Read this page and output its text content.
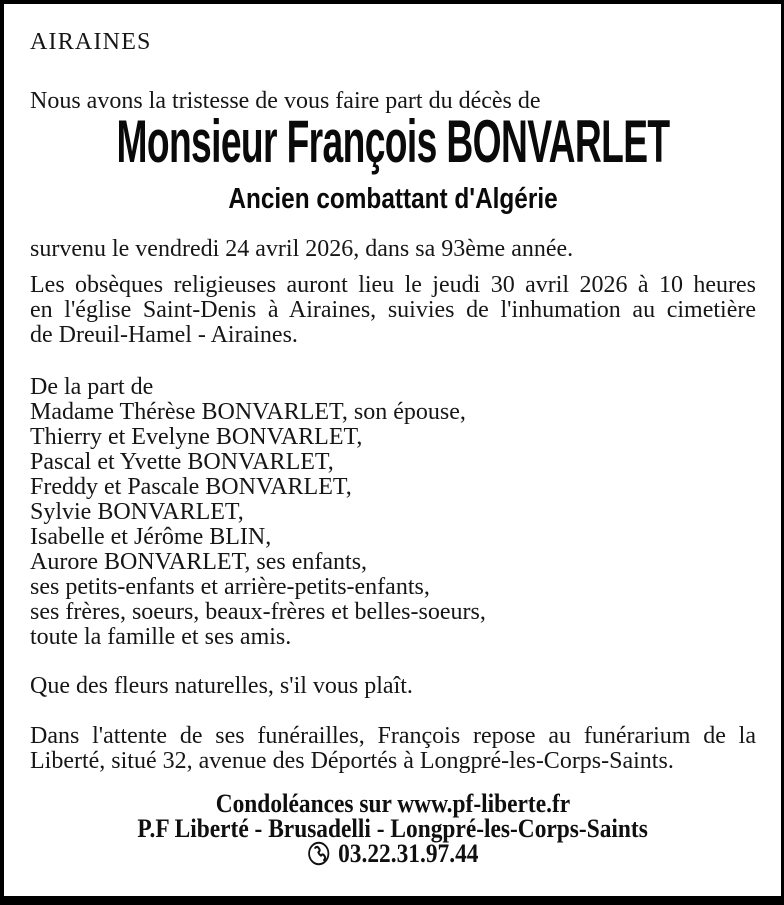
AIRAINES
Nous avons la tristesse de vous faire part du décès de
Monsieur François BONVARLET
Ancien combattant d'Algérie
survenu le vendredi 24 avril 2026, dans sa 93ème année.
Les obsèques religieuses auront lieu le jeudi 30 avril 2026 à 10 heures
en l'église Saint-Denis à Airaines, suivies de l'inhumation au cimetière
de Dreuil-Hamel - Airaines.
De la part de
Madame Thérèse BONVARLET, son épouse,
Thierry et Evelyne BONVARLET,
Pascal et Yvette BONVARLET,
Freddy et Pascale BONVARLET,
Sylvie BONVARLET,
Isabelle et Jérôme BLIN,
Aurore BONVARLET, ses enfants,
ses petits-enfants et arrière-petits-enfants,
ses frères, soeurs, beaux-frères et belles-soeurs,
toute la famille et ses amis.
Que des fleurs naturelles, s'il vous plaît.
Dans l'attente de ses funérailles, François repose au funérarium de la
Liberté, situé 32, avenue des Déportés à Longpré-les-Corps-Saints.
Condoléances sur www.pf-liberte.fr
P.F Liberté - Brusadelli - Longpré-les-Corps-Saints
03.22.31.97.44
